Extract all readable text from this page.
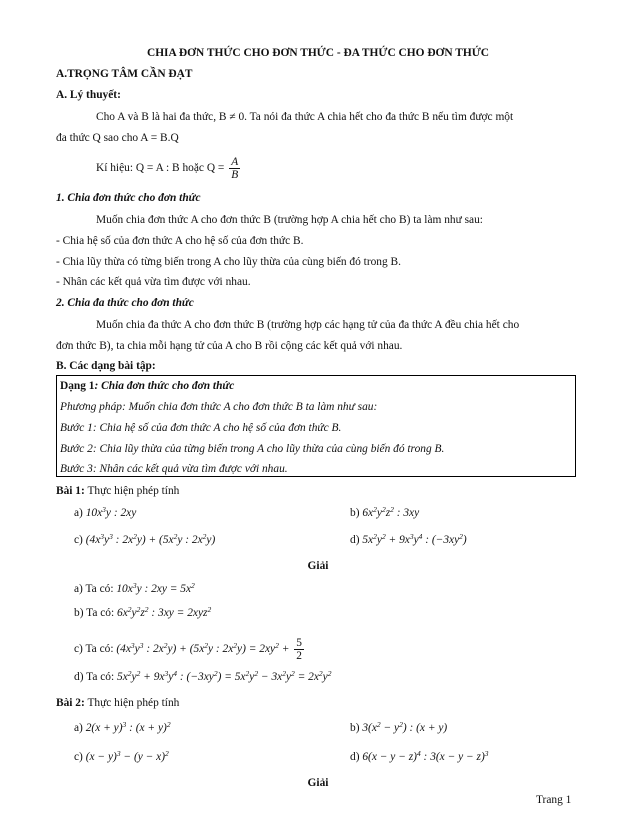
CHIA ĐƠN THỨC CHO ĐƠN THỨC - ĐA THỨC CHO ĐƠN THỨC
A.TRỌNG TÂM CẦN ĐẠT
A. Lý thuyết:
Cho A và B là hai đa thức, B ≠ 0. Ta nói đa thức A chia hết cho đa thức B nếu tìm được một
đa thức Q sao cho A = B.Q
Kí hiệu: Q = A : B hoặc $Q = \frac{A}{B}$
1. Chia đơn thức cho đơn thức
Muốn chia đơn thức A cho đơn thức B (trường hợp A chia hết cho B) ta làm như sau:
- Chia hệ số của đơn thức A cho hệ số của đơn thức B.
- Chia lũy thừa có từng biến trong A cho lũy thừa của cùng biến đó trong B.
- Nhân các kết quả vừa tìm được với nhau.
2. Chia đa thức cho đơn thức
Muốn chia đa thức A cho đơn thức B (trường hợp các hạng tử của đa thức A đều chia hết cho
đơn thức B), ta chia mỗi hạng tử của A cho B rồi cộng các kết quả với nhau.
B. Các dạng bài tập:
Dạng 1: Chia đơn thức cho đơn thức
Phương pháp: Muốn chia đơn thức A cho đơn thức B ta làm như sau:
Bước 1: Chia hệ số của đơn thức A cho hệ số của đơn thức B.
Bước 2: Chia lũy thừa của từng biến trong A cho lũy thừa của cùng biến đó trong B.
Bước 3: Nhân các kết quả vừa tìm được với nhau.
Bài 1: Thực hiện phép tính
a) $10x^3y$ : 2xy	b) $6x^2y^2z^2$ : 3xy
c) ($4x^3y^3$ : $2x^2y) + (5x^2y$ : $2x^2y$)	d) $5x^2y^2 + 9x^3y^4$ : $(-3xy^2)$
Giải
a) Ta có: $10x^3y$ : $2xy = 5x^2$
b) Ta có: $6x^2y^2z^2$ : 3xy = 2xyz$^2$
c) Ta có: ($4x^3y^3$ : $2x^2y) + (5x^2y$ : $2x^2y) = 2xy^2 + \frac{5}{2}$
d) Ta có: $5x^2y^2 + 9x^3y^4$ : $(-3xy^2) = 5x^2y^2 - 3x^2y^2 = 2x^2y^2$
Bài 2: Thực hiện phép tính
a) $2(x + y)^3$ : $(x + y)^2$	b) $3(x^2 - y^2)$ : (x + y)
c) $(x - y)^3 - (y - x)^2$	d) $6(x - y - z)^4$ : $3(x - y - z)^3$
Giải
Trang 1
